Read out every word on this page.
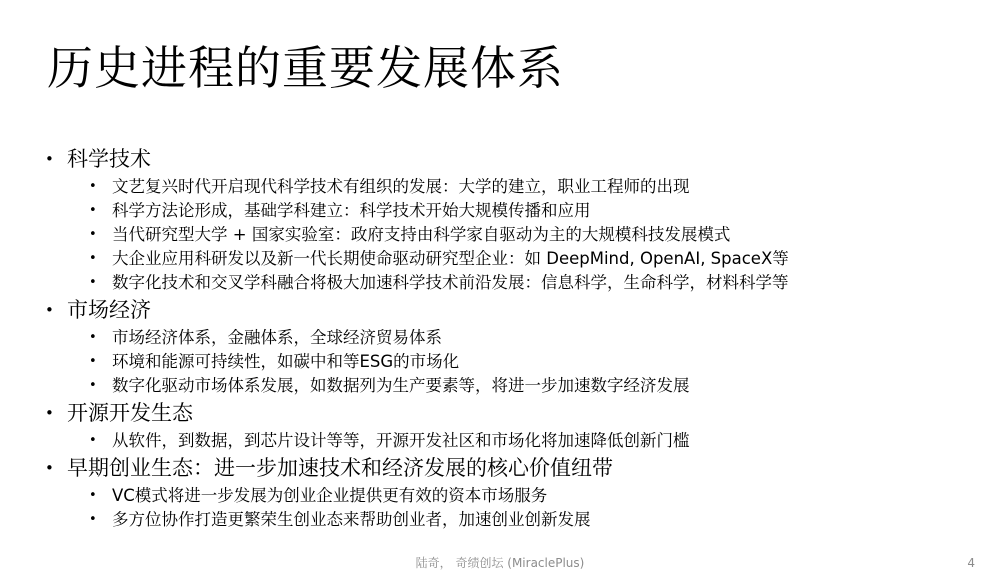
历史进程的重要发展体系
• 科学技术
• 文艺复兴时代开启现代科学技术有组织的发展：大学的建立，职业工程师的出现
• 科学方法论形成，基础学科建立：科学技术开始大规模传播和应用
• 当代研究型大学 + 国家实验室：政府支持由科学家自驱动为主的大规模科技发展模式
• 大企业应用科研发以及新一代长期使命驱动研究型企业：如 DeepMind, OpenAI, SpaceX等
• 数字化技术和交叉学科融合将极大加速科学技术前沿发展：信息科学，生命科学，材料科学等
• 市场经济
• 市场经济体系，金融体系，全球经济贸易体系
• 环境和能源可持续性，如碳中和等ESG的市场化
• 数字化驱动市场体系发展，如数据列为生产要素等，将进一步加速数字经济发展
• 开源开发生态
• 从软件，到数据，到芯片设计等等，开源开发社区和市场化将加速降低创新门槛
• 早期创业生态：进一步加速技术和经济发展的核心价值纽带
• VC模式将进一步发展为创业企业提供更有效的资本市场服务
• 多方位协作打造更繁荣生创业态来帮助创业者，加速创业创新发展
陆奇， 奇绩创坛 (MiraclePlus)	4
